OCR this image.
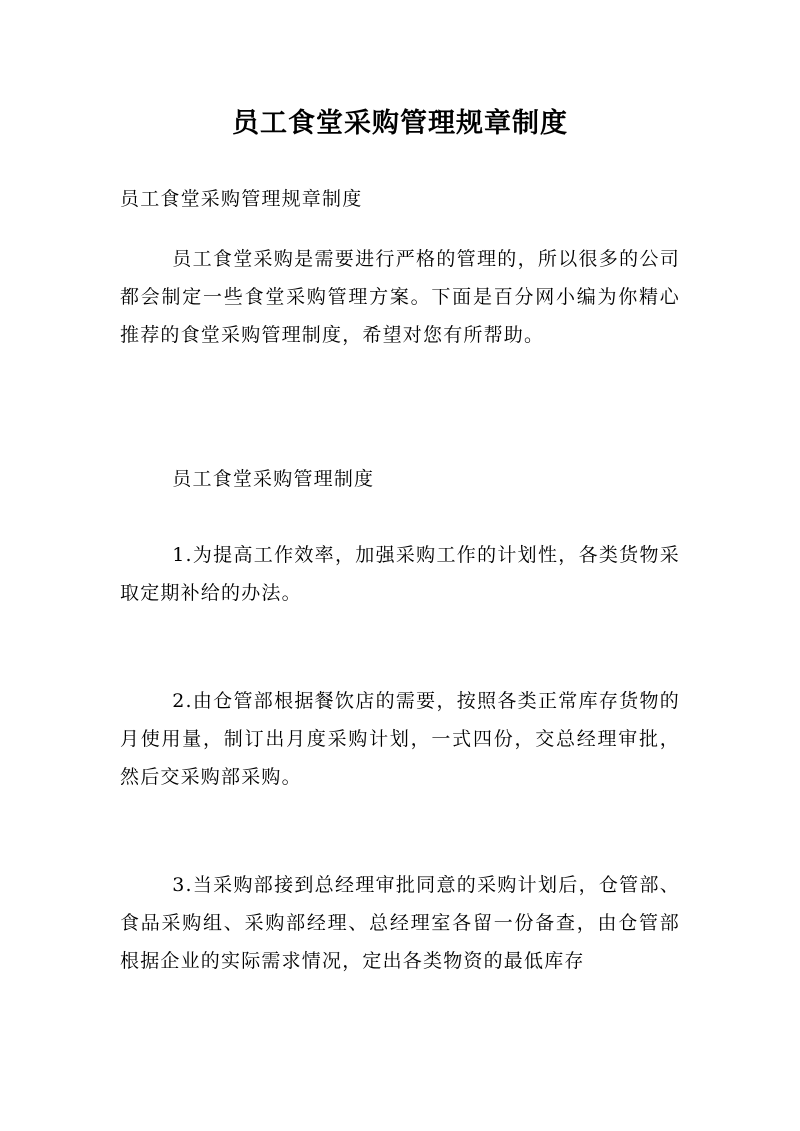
员工食堂采购管理规章制度

员工食堂采购管理规章制度

员工食堂采购是需要进行严格的管理的，所以很多的公司都会制定一些食堂采购管理方案。下面是百分网小编为你精心推荐的食堂采购管理制度，希望对您有所帮助。

员工食堂采购管理制度

1.为提高工作效率，加强采购工作的计划性，各类货物采取定期补给的办法。

2.由仓管部根据餐饮店的需要，按照各类正常库存货物的月使用量，制订出月度采购计划，一式四份，交总经理审批，然后交采购部采购。

3.当采购部接到总经理审批同意的采购计划后，仓管部、食品采购组、采购部经理、总经理室各留一份备查，由仓管部根据企业的实际需求情况，定出各类物资的最低库存
